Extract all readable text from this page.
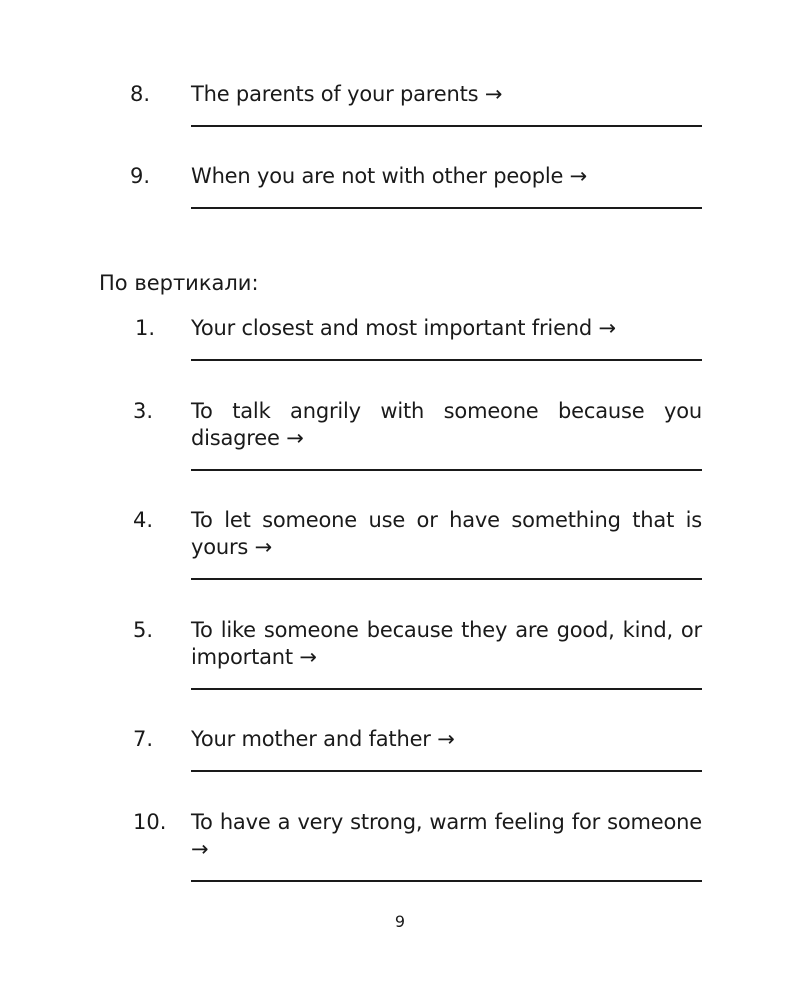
8. The parents of your parents →
9. When you are not with other people →
По вертикали:
1. Your closest and most important friend →
3. To talk angrily with someone because you disagree →
4. To let someone use or have something that is yours →
5. To like someone because they are good, kind, or important →
7. Your mother and father →
10. To have a very strong, warm feeling for someone →
9
